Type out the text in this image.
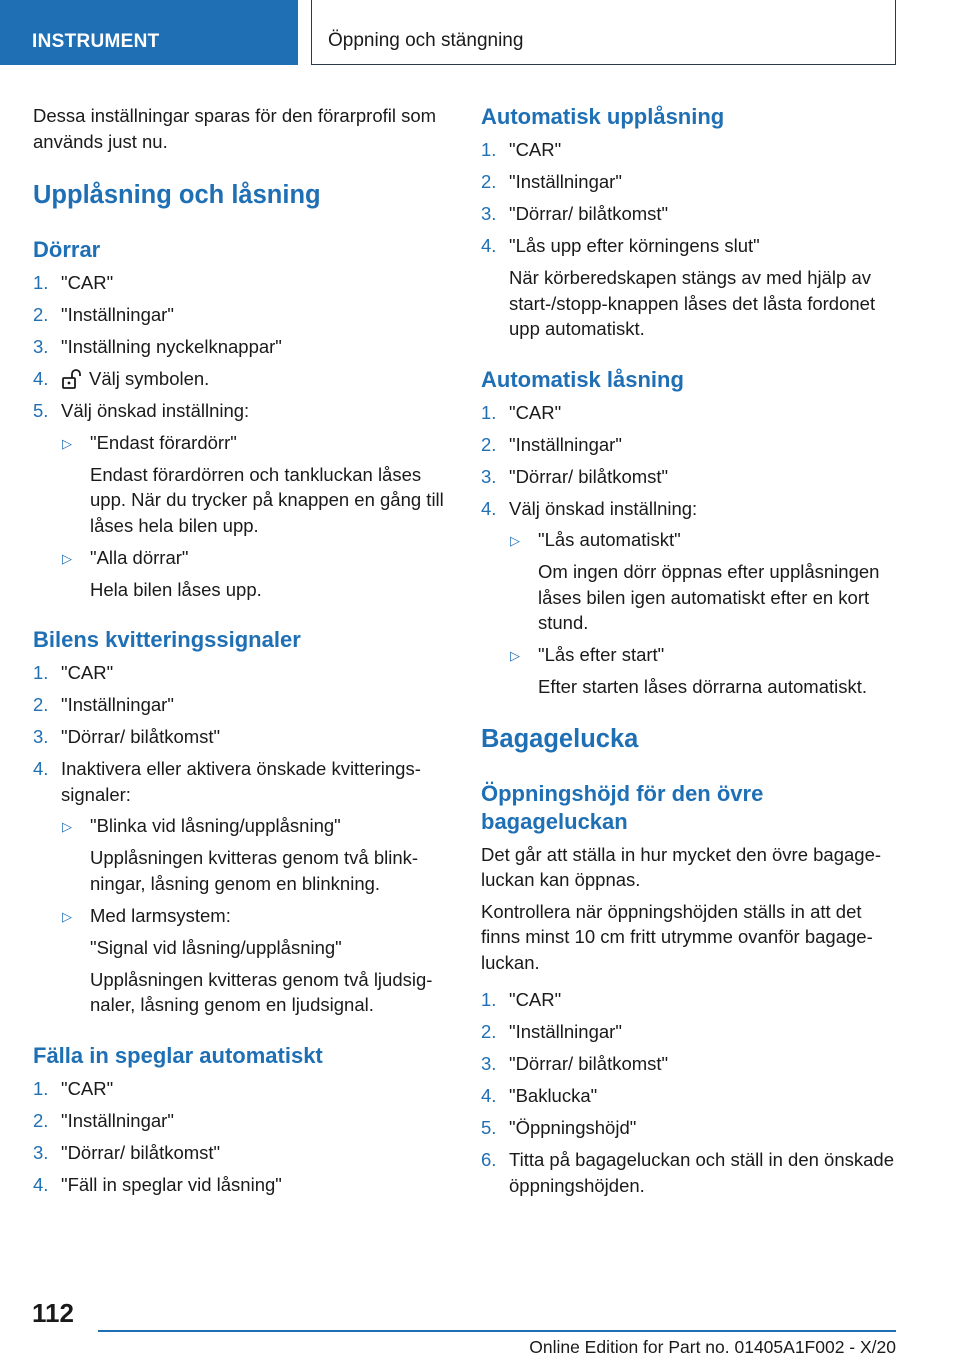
INSTRUMENT	Öppning och stängning

Dessa inställningar sparas för den förarprofil som används just nu.

Upplåsning och låsning
Dörrar
1. "CAR"
2. "Inställningar"
3. "Inställning nyckelknappar"
4. Välj symbolen.
5. Välj önskad inställning:
▷ "Endast förardörr"
Endast förardörren och tankluckan låses upp. När du trycker på knappen en gång till låses hela bilen upp.
▷ "Alla dörrar"
Hela bilen låses upp.
Bilens kvitteringssignaler
1. "CAR"
2. "Inställningar"
3. "Dörrar/ bilåtkomst"
4. Inaktivera eller aktivera önskade kvitteringssignaler:
▷ "Blinka vid låsning/upplåsning"
Upplåsningen kvitteras genom två blinkningar, låsning genom en blinkning.
▷ Med larmsystem:
"Signal vid låsning/upplåsning"
Upplåsningen kvitteras genom två ljudsignaler, låsning genom en ljudsignal.
Fälla in speglar automatiskt
1. "CAR"
2. "Inställningar"
3. "Dörrar/ bilåtkomst"
4. "Fäll in speglar vid låsning"
Automatisk upplåsning
1. "CAR"
2. "Inställningar"
3. "Dörrar/ bilåtkomst"
4. "Lås upp efter körningens slut"
När körberedskapen stängs av med hjälp av start-/stopp-knappen låses det låsta fordonet upp automatiskt.
Automatisk låsning
1. "CAR"
2. "Inställningar"
3. "Dörrar/ bilåtkomst"
4. Välj önskad inställning:
▷ "Lås automatiskt"
Om ingen dörr öppnas efter upplåsningen låses bilen igen automatiskt efter en kort stund.
▷ "Lås efter start"
Efter starten låses dörrarna automatiskt.
Bagagelucka
Öppningshöjd för den övre bagageluckan

Det går att ställa in hur mycket den övre bagageluckan kan öppnas.

Kontrollera när öppningshöjden ställs in att det finns minst 10 cm fritt utrymme ovanför bagageluckan.

1. "CAR"
2. "Inställningar"
3. "Dörrar/ bilåtkomst"
4. "Baklucka"
5. "Öppningshöjd"
6. Titta på bagageluckan och ställ in den önskade öppningshöjden.
112
Online Edition for Part no. 01405A1F002 - X/20
